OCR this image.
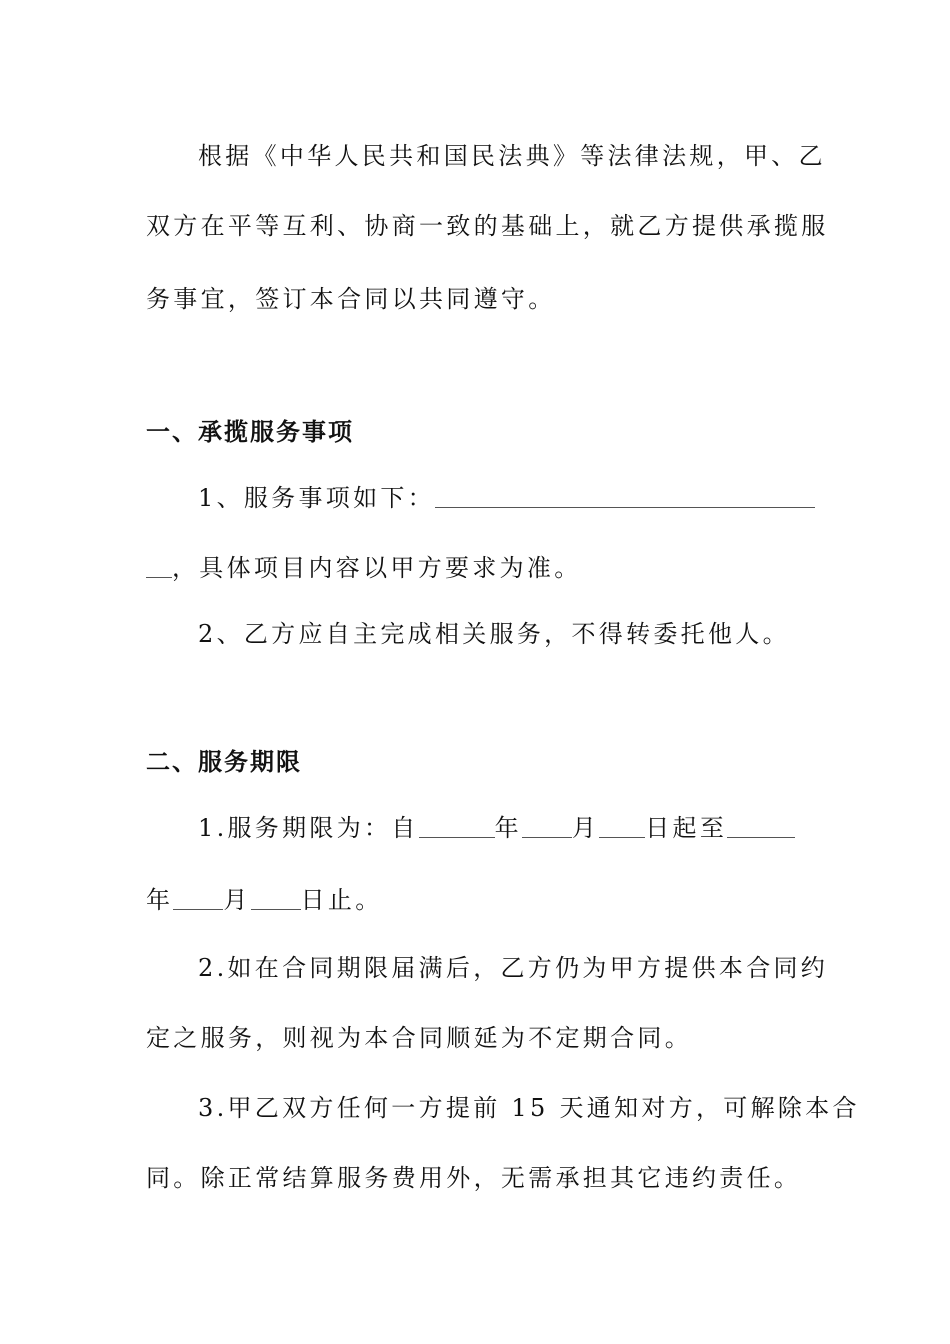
根据《中华人民共和国民法典》等法律法规，甲、乙
双方在平等互利、协商一致的基础上，就乙方提供承揽服
务事宜，签订本合同以共同遵守。
一、承揽服务事项
1、服务事项如下：
，具体项目内容以甲方要求为准。
2、乙方应自主完成相关服务，不得转委托他人。
二、服务期限
1.服务期限为：自	年 月 日起至
年 月 日止。
2.如在合同期限届满后，乙方仍为甲方提供本合同约
定之服务，则视为本合同顺延为不定期合同。
3.甲乙双方任何一方提前 15 天通知对方，可解除本合
同。除正常结算服务费用外，无需承担其它违约责任。
